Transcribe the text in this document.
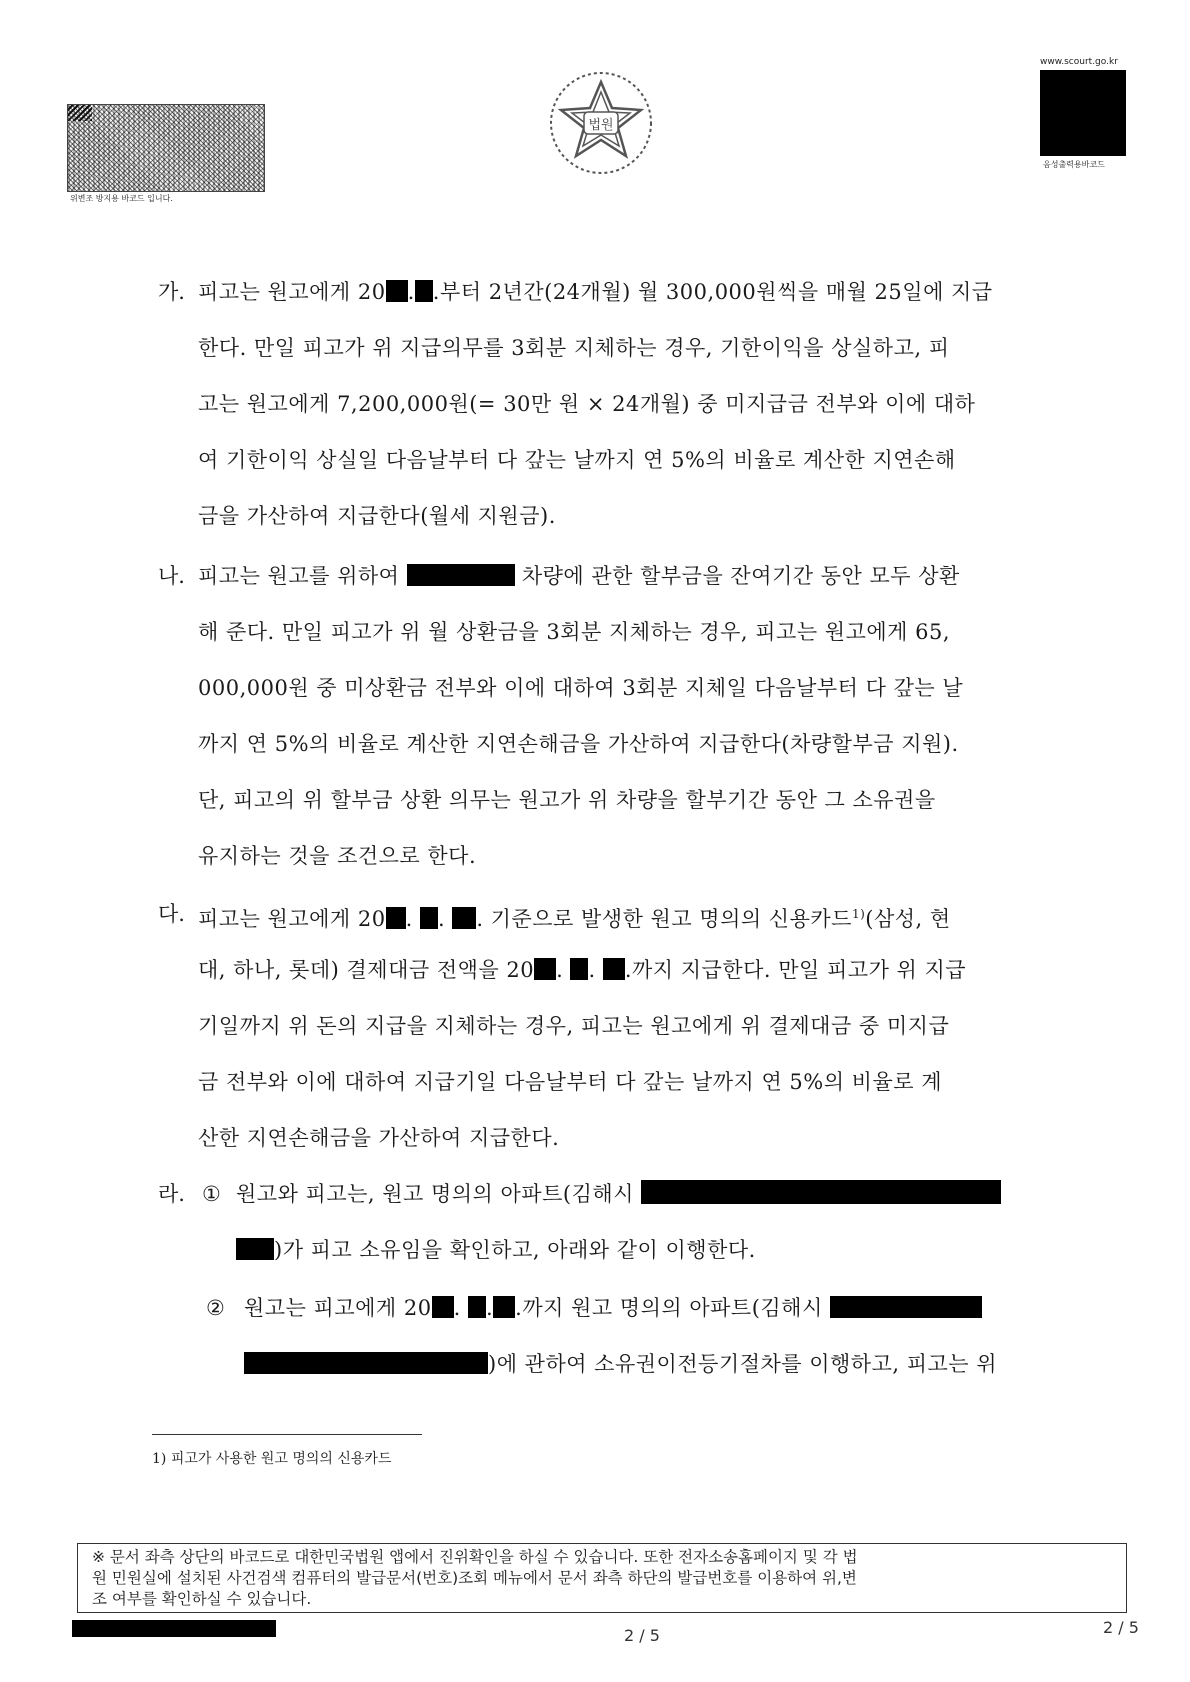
위변조 방지용 바코드 입니다.
법원
www.scourt.go.kr
음성출력용바코드
가. 피고는 원고에게 20 . .부터 2년간(24개월) 월 300,000원씩을 매월 25일에 지급
한다. 만일 피고가 위 지급의무를 3회분 지체하는 경우, 기한이익을 상실하고, 피
고는 원고에게 7,200,000원(= 30만 원 × 24개월) 중 미지급금 전부와 이에 대하
여 기한이익 상실일 다음날부터 다 갚는 날까지 연 5%의 비율로 계산한 지연손해
금을 가산하여 지급한다(월세 지원금).
나. 피고는 원고를 위하여	차량에 관한 할부금을 잔여기간 동안 모두 상환
해 준다. 만일 피고가 위 월 상환금을 3회분 지체하는 경우, 피고는 원고에게 65,
000,000원 중 미상환금 전부와 이에 대하여 3회분 지체일 다음날부터 다 갚는 날
까지 연 5%의 비율로 계산한 지연손해금을 가산하여 지급한다(차량할부금 지원).
단, 피고의 위 할부금 상환 의무는 원고가 위 차량을 할부기간 동안 그 소유권을
유지하는 것을 조건으로 한다.
다. 피고는 원고에게 20 . . . 기준으로 발생한 원고 명의의 신용카드$^{1)}$(삼성, 현
대, 하나, 롯데) 결제대금 전액을 20 . . .까지 지급한다. 만일 피고가 위 지급
기일까지 위 돈의 지급을 지체하는 경우, 피고는 원고에게 위 결제대금 중 미지급
금 전부와 이에 대하여 지급기일 다음날부터 다 갚는 날까지 연 5%의 비율로 계
산한 지연손해금을 가산하여 지급한다.
라. ① 원고와 피고는, 원고 명의의 아파트(김해시
)가 피고 소유임을 확인하고, 아래와 같이 이행한다.
② 원고는 피고에게 20 . . .까지 원고 명의의 아파트(김해시
)에 관하여 소유권이전등기절차를 이행하고, 피고는 위
1) 피고가 사용한 원고 명의의 신용카드
※ 문서 좌측 상단의 바코드로 대한민국법원 앱에서 진위확인을 하실 수 있습니다. 또한 전자소송홈페이지 및 각 법
원 민원실에 설치된 사건검색 컴퓨터의 발급문서(번호)조회 메뉴에서 문서 좌측 하단의 발급번호를 이용하여 위,변
조 여부를 확인하실 수 있습니다.
2 / 5	2 / 5
